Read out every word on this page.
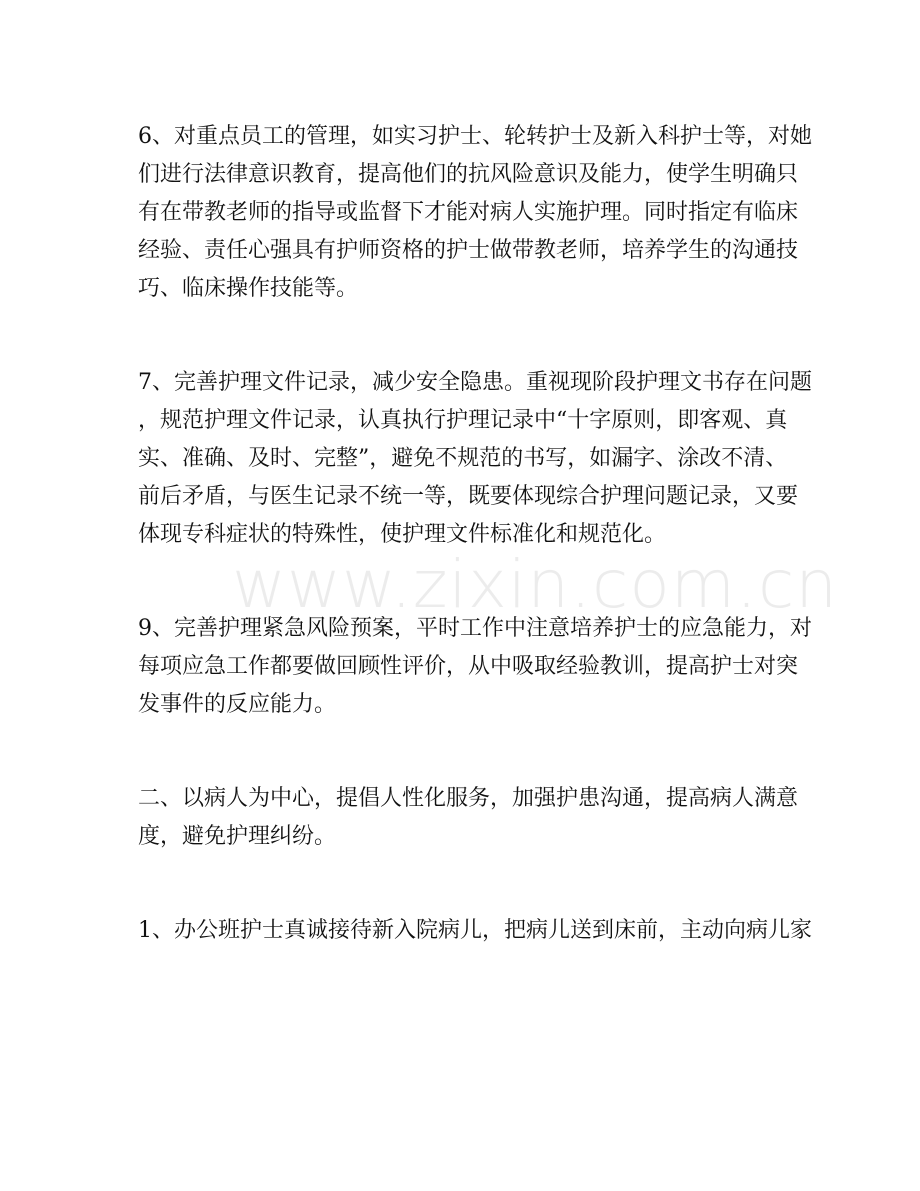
6、对重点员工的管理，如实习护士、轮转护士及新入科护士等，对她
们进行法律意识教育，提高他们的抗风险意识及能力，使学生明确只
有在带教老师的指导或监督下才能对病人实施护理。同时指定有临床
经验、责任心强具有护师资格的护士做带教老师，培养学生的沟通技
巧、临床操作技能等。

7、完善护理文件记录，减少安全隐患。重视现阶段护理文书存在问题
，规范护理文件记录，认真执行护理记录中“十字原则，即客观、真
实、准确、及时、完整”，避免不规范的书写，如漏字、涂改不清、
前后矛盾，与医生记录不统一等，既要体现综合护理问题记录，又要
体现专科症状的特殊性，使护理文件标准化和规范化。

9、完善护理紧急风险预案，平时工作中注意培养护士的应急能力，对
每项应急工作都要做回顾性评价，从中吸取经验教训，提高护士对突
发事件的反应能力。

二、以病人为中心，提倡人性化服务，加强护患沟通，提高病人满意
度，避免护理纠纷。

1、办公班护士真诚接待新入院病儿，把病儿送到床前，主动向病儿家

www.zixin.com.cn
